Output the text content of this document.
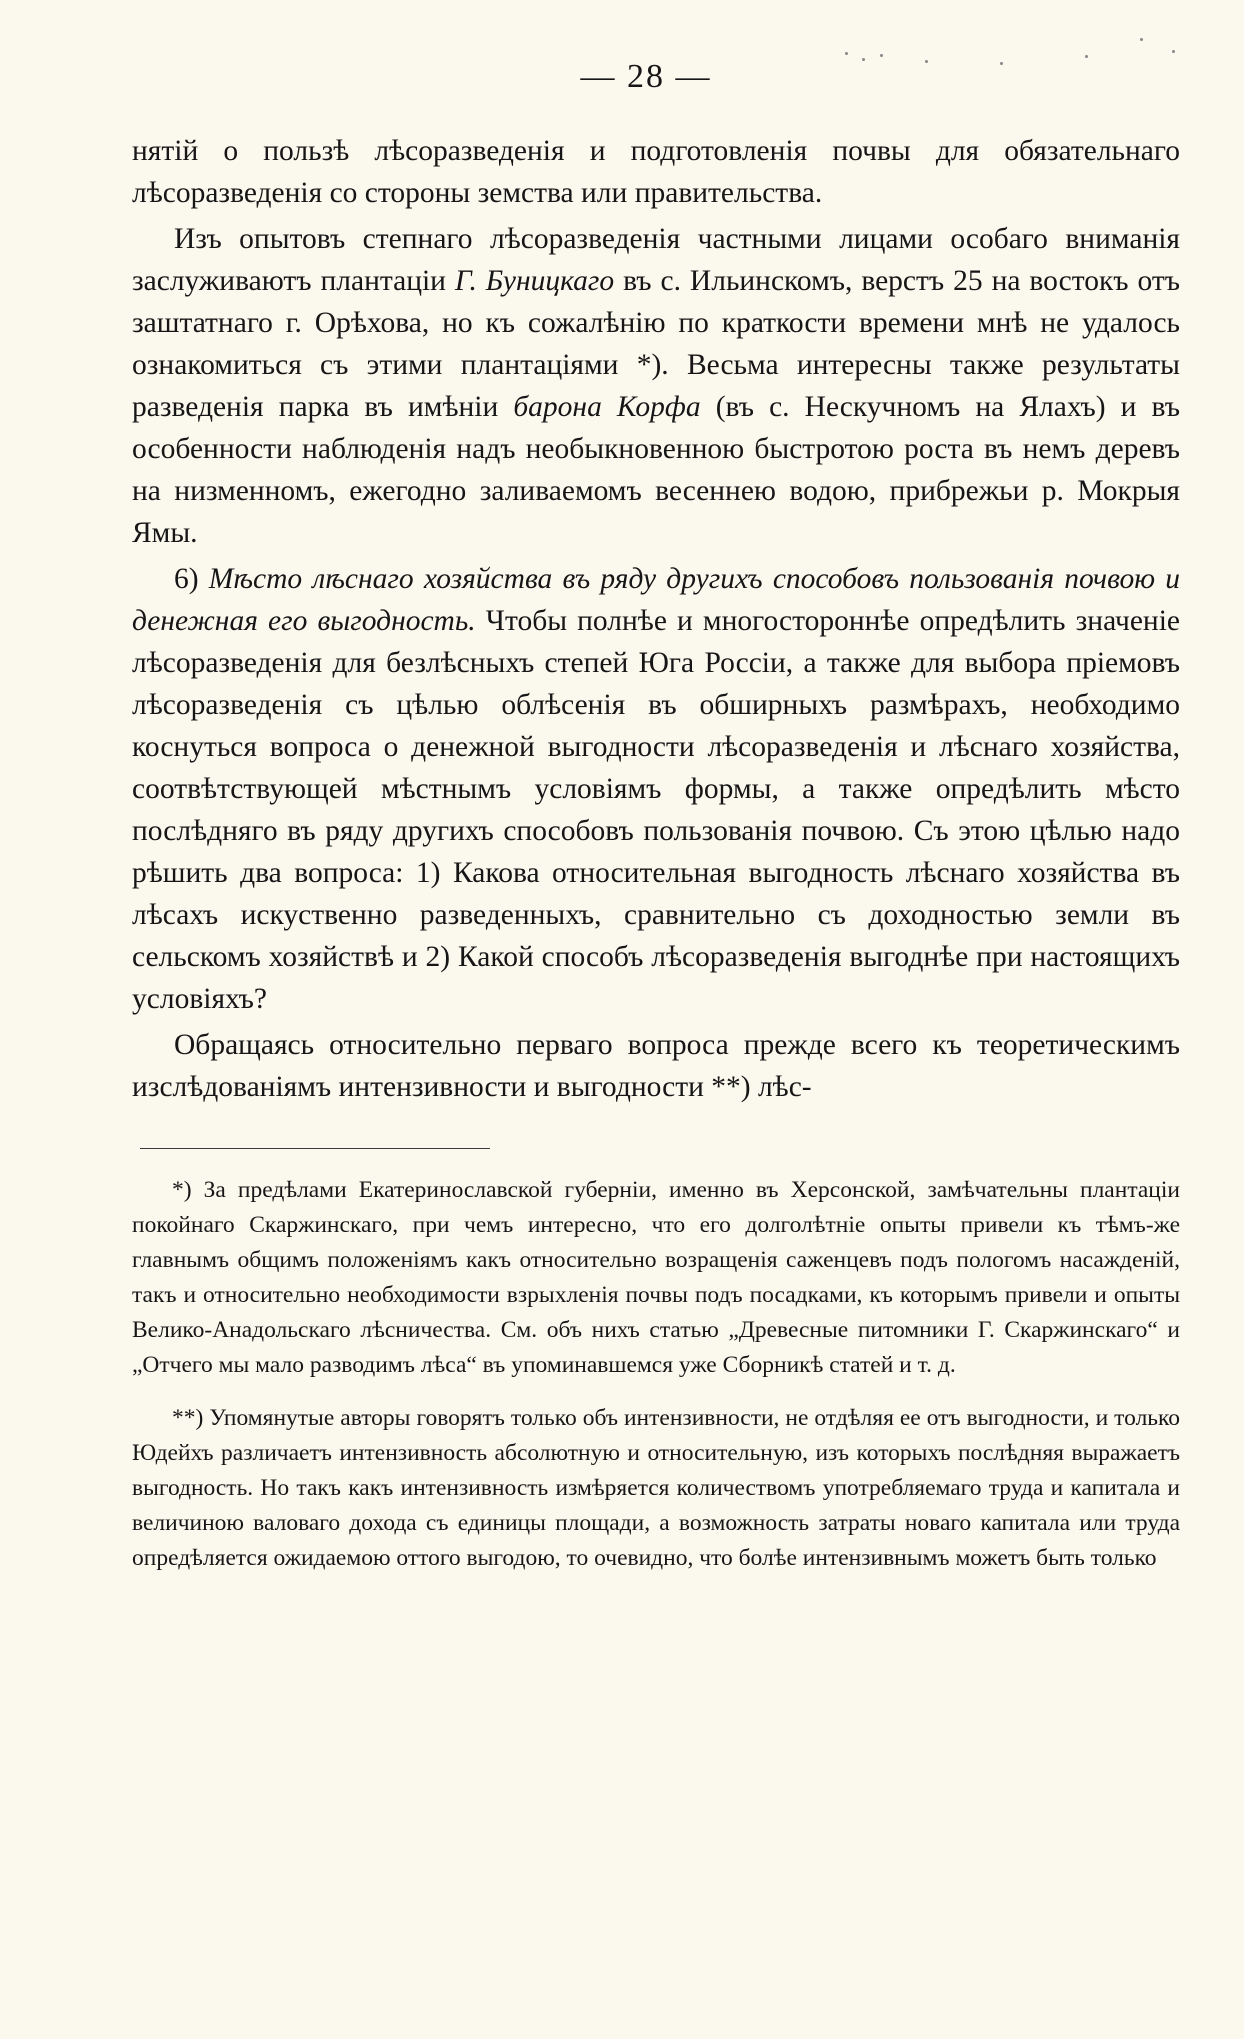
— 28 —

нятій о пользѣ лѣсоразведенія и подготовленія почвы для обязательнаго лѣсоразведенія со стороны земства или правительства.

Изъ опытовъ степнаго лѣсоразведенія частными лицами особаго вниманія заслуживаютъ плантаціи Г. Буницкаго въ с. Ильинскомъ, верстъ 25 на востокъ отъ заштатнаго г. Орѣхова, но къ сожалѣнію по краткости времени мнѣ не удалось ознакомиться съ этими плантаціями *). Весьма интересны также результаты разведенія парка въ имѣніи барона Корфа (въ с. Нескучномъ на Ялахъ) и въ особенности наблюденія надъ необыкновенною быстротою роста въ немъ деревъ на низменномъ, ежегодно заливаемомъ весеннею водою, прибрежьи р. Мокрыя Ямы.

6) Мѣсто лѣснаго хозяйства въ ряду другихъ способовъ пользованія почвою и денежная его выгодность. Чтобы полнѣе и многостороннѣе опредѣлить значеніе лѣсоразведенія для безлѣсныхъ степей Юга Россіи, а также для выбора пріемовъ лѣсоразведенія съ цѣлью облѣсенія въ обширныхъ размѣрахъ, необходимо коснуться вопроса о денежной выгодности лѣсоразведенія и лѣснаго хозяйства, соотвѣтствующей мѣстнымъ условіямъ формы, а также опредѣлить мѣсто послѣдняго въ ряду другихъ способовъ пользованія почвою. Съ этою цѣлью надо рѣшить два вопроса: 1) Какова относительная выгодность лѣснаго хозяйства въ лѣсахъ искуственно разведенныхъ, сравнительно съ доходностью земли въ сельскомъ хозяйствѣ и 2) Какой способъ лѣсоразведенія выгоднѣе при настоящихъ условіяхъ?

Обращаясь относительно перваго вопроса прежде всего къ теоретическимъ изслѣдованіямъ интензивности и выгодности **) лѣс-

*) За предѣлами Екатеринославской губерніи, именно въ Херсонской, замѣчательны плантаціи покойнаго Скаржинскаго, при чемъ интересно, что его долголѣтніе опыты привели къ тѣмъ-же главнымъ общимъ положеніямъ какъ относительно возращенія саженцевъ подъ пологомъ насажденій, такъ и относительно необходимости взрыхленія почвы подъ посадками, къ которымъ привели и опыты Велико-Анадольскаго лѣсничества. См. объ нихъ статью „Древесные питомники Г. Скаржинскаго“ и „Отчего мы мало разводимъ лѣса“ въ упоминавшемся уже Сборникѣ статей и т. д.

**) Упомянутые авторы говорятъ только объ интензивности, не отдѣляя ее отъ выгодности, и только Юдейхъ различаетъ интензивность абсолютную и относительную, изъ которыхъ послѣдняя выражаетъ выгодность. Но такъ какъ интензивность измѣряется количествомъ употребляемаго труда и капитала и величиною валоваго дохода съ единицы площади, а возможность затраты новаго капитала или труда опредѣляется ожидаемою оттого выгодою, то очевидно, что болѣе интензивнымъ можетъ быть только
